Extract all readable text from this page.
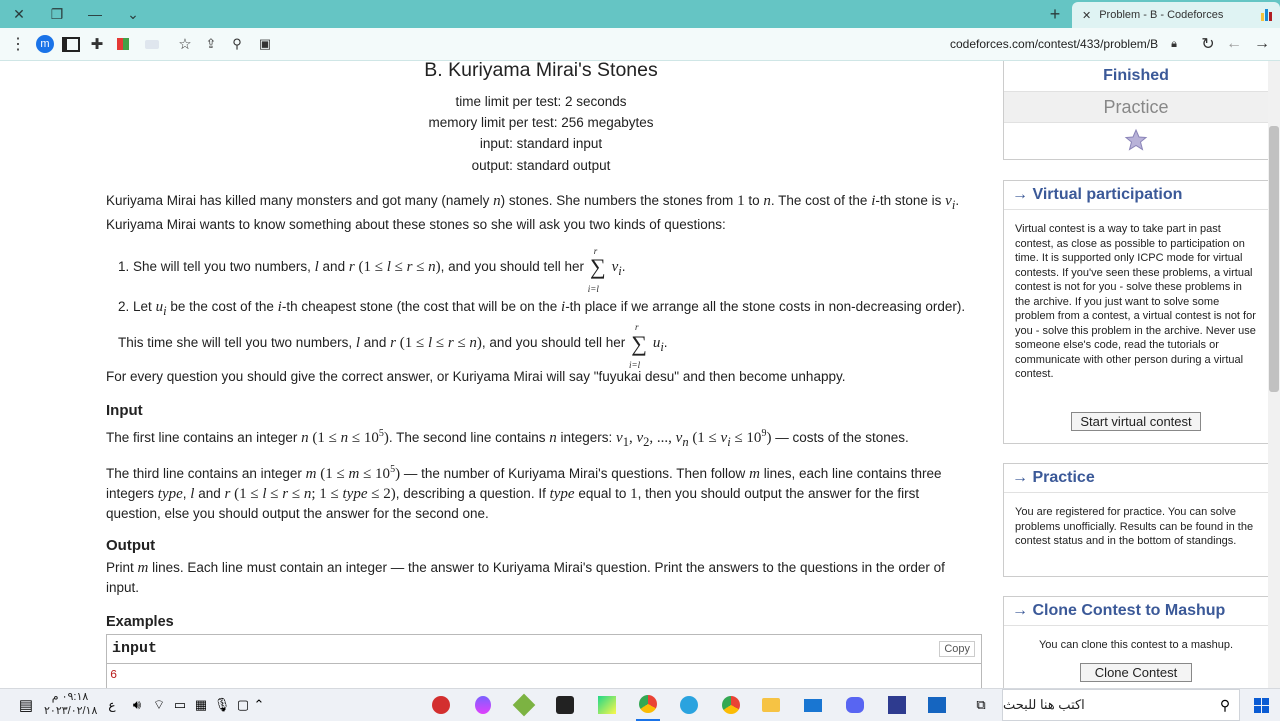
✕	❐	—	⌄	+	✕ Problem - B - Codeforces
⋮	m	✚	☆ ⇪	⚲	▣	codeforces.com/contest/433/problem/B	🔒︎	↻ ← →
B. Kuriyama Mirai's Stones
time limit per test: 2 seconds
memory limit per test: 256 megabytes
input: standard input
output: standard output
Kuriyama Mirai has killed many monsters and got many (namely n) stones. She numbers the stones from 1 to n. The cost of the i-th stone is $v_i$. Kuriyama Mirai wants to know something about these stones so she will ask you two kinds of questions:
1. She will tell you two numbers, l and r (1 ≤ l ≤ r ≤ n), and you should tell her ∑
r
i=l
$v_i$.
2. Let $u_i$ be the cost of the i-th cheapest stone (the cost that will be on the i-th place if we arrange all the stone costs in non-decreasing order). This time she will tell you two numbers, l and r (1 ≤ l ≤ r ≤ n), and you should tell her ∑
r
i=l
$u_i$.
For every question you should give the correct answer, or Kuriyama Mirai will say "fuyukai desu" and then become unhappy.
Input
The first line contains an integer n $(1 \le n \le 10^5)$. The second line contains n integers: $v_1$, $v_2$, ..., $v_n$ $(1 \le v_i \le 10^9)$ — costs of the stones.
The third line contains an integer m $(1 \le m \le 10^5)$ — the number of Kuriyama Mirai's questions. Then follow m lines, each line contains three integers type, l and r (1 ≤ l ≤ r ≤ n; 1 ≤ type ≤ 2), describing a question. If type equal to 1, then you should output the answer for the first question, else you should output the answer for the second one.
Output
Print m lines. Each line must contain an integer — the answer to Kuriyama Mirai's question. Print the answers to the questions in the order of input.
Examples
input	Copy
6
Finished
Practice
→ Virtual participation
Virtual contest is a way to take part in past contest, as close as possible to participation on time. It is supported only ICPC mode for virtual contests. If you've seen these problems, a virtual contest is not for you - solve these problems in the archive. If you just want to solve some problem from a contest, a virtual contest is not for you - solve this problem in the archive. Never use someone else's code, read the tutorials or communicate with other person during a virtual contest.
Start virtual contest
→ Practice
You are registered for practice. You can solve problems unofficially. Results can be found in the contest status and in the bottom of standings.
→ Clone Contest to Mashup
You can clone this contest to a mashup.
Clone Contest
▤	٠٩:١٨ م
٢٠٢٣/٠٢/١٨ ع	🔊︎ ⌔ ▭ ▦ 🎙︎ ▢ ⌃	⧉	اكتب هنا للبحث	⚲
